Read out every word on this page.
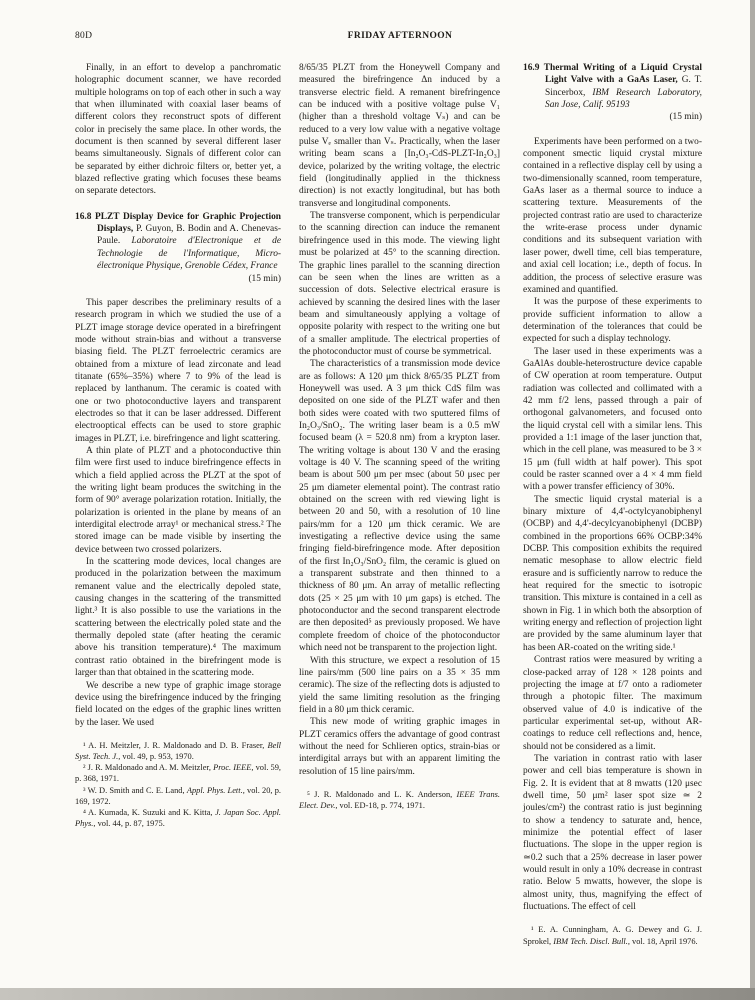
80D	FRIDAY AFTERNOON

Finally, in an effort to develop a panchromatic holographic document scanner, we have recorded multiple holograms on top of each other in such a way that when illuminated with coaxial laser beams of different colors they reconstruct spots of different color in precisely the same place. In other words, the document is then scanned by several different laser beams simultaneously. Signals of different color can be separated by either dichroic filters or, better yet, a blazed reflective grating which focuses these beams on separate detectors.

16.8 PLZT Display Device for Graphic Projection Displays, P. Guyon, B. Bodin and A. Chenevas-Paule. Laboratoire d'Electronique et de Technologie de l'Informatique, Micro-électronique Physique, Grenoble Cédex, France

(15 min)

This paper describes the preliminary results of a research program in which we studied the use of a PLZT image storage device operated in a birefringent mode without strain-bias and without a transverse biasing field. The PLZT ferroelectric ceramics are obtained from a mixture of lead zirconate and lead titanate (65%–35%) where 7 to 9% of the lead is replaced by lanthanum. The ceramic is coated with one or two photoconductive layers and transparent electrodes so that it can be laser addressed. Different electrooptical effects can be used to store graphic images in PLZT, i.e. birefringence and light scattering.

A thin plate of PLZT and a photoconductive thin film were first used to induce birefringence effects in which a field applied across the PLZT at the spot of the writing light beam produces the switching in the form of 90° average polarization rotation. Initially, the polarization is oriented in the plane by means of an interdigital electrode array¹ or mechanical stress.² The stored image can be made visible by inserting the device between two crossed polarizers.

In the scattering mode devices, local changes are produced in the polarization between the maximum remanent value and the electrically depoled state, causing changes in the scattering of the transmitted light.³ It is also possible to use the variations in the scattering between the electrically poled state and the thermally depoled state (after heating the ceramic above his transition temperature).⁴ The maximum contrast ratio obtained in the birefringent mode is larger than that obtained in the scattering mode.

We describe a new type of graphic image storage device using the birefringence induced by the fringing field located on the edges of the graphic lines written by the laser. We used

¹ A. H. Meitzler, J. R. Maldonado and D. B. Fraser, Bell Syst. Tech. J., vol. 49, p. 953, 1970.

² J. R. Maldonado and A. M. Meitzler, Proc. IEEE, vol. 59, p. 368, 1971.

³ W. D. Smith and C. E. Land, Appl. Phys. Lett., vol. 20, p. 169, 1972.

⁴ A. Kumada, K. Suzuki and K. Kitta, J. Japan Soc. Appl. Phys., vol. 44, p. 87, 1975.

8/65/35 PLZT from the Honeywell Company and measured the birefringence Δn induced by a transverse electric field. A remanent birefringence can be induced with a positive voltage pulse V₁ (higher than a threshold voltage Vₛ) and can be reduced to a very low value with a negative voltage pulse Vₑ smaller than Vₛ. Practically, when the laser writing beam scans a [In₂O₃-CdS-PLZT-In₂O₃] device, polarized by the writing voltage, the electric field (longitudinally applied in the thickness direction) is not exactly longitudinal, but has both transverse and longitudinal components.

The transverse component, which is perpendicular to the scanning direction can induce the remanent birefringence used in this mode. The viewing light must be polarized at 45° to the scanning direction. The graphic lines parallel to the scanning direction can be seen when the lines are written as a succession of dots. Selective electrical erasure is achieved by scanning the desired lines with the laser beam and simultaneously applying a voltage of opposite polarity with respect to the writing one but of a smaller amplitude. The electrical properties of the photoconductor must of course be symmetrical.

The characteristics of a transmission mode device are as follows: A 120 μm thick 8/65/35 PLZT from Honeywell was used. A 3 μm thick CdS film was deposited on one side of the PLZT wafer and then both sides were coated with two sputtered films of In₂O₃/SnO₂. The writing laser beam is a 0.5 mW focused beam (λ = 520.8 nm) from a krypton laser. The writing voltage is about 130 V and the erasing voltage is 40 V. The scanning speed of the writing beam is about 500 μm per msec (about 50 μsec per 25 μm diameter elemental point). The contrast ratio obtained on the screen with red viewing light is between 20 and 50, with a resolution of 10 line pairs/mm for a 120 μm thick ceramic. We are investigating a reflective device using the same fringing field-birefringence mode. After deposition of the first In₂O₃/SnO₂ film, the ceramic is glued on a transparent substrate and then thinned to a thickness of 80 μm. An array of metallic reflecting dots (25 × 25 μm with 10 μm gaps) is etched. The photoconductor and the second transparent electrode are then deposited⁵ as previously proposed. We have complete freedom of choice of the photoconductor which need not be transparent to the projection light.

With this structure, we expect a resolution of 15 line pairs/mm (500 line pairs on a 35 × 35 mm ceramic). The size of the reflecting dots is adjusted to yield the same limiting resolution as the fringing field in a 80 μm thick ceramic.

This new mode of writing graphic images in PLZT ceramics offers the advantage of good contrast without the need for Schlieren optics, strain-bias or interdigital arrays but with an apparent limiting the resolution of 15 line pairs/mm.

⁵ J. R. Maldonado and L. K. Anderson, IEEE Trans. Elect. Dev., vol. ED-18, p. 774, 1971.

16.9 Thermal Writing of a Liquid Crystal Light Valve with a GaAs Laser, G. T. Sincerbox, IBM Research Laboratory, San Jose, Calif. 95193

(15 min)

Experiments have been performed on a two-component smectic liquid crystal mixture contained in a reflective display cell by using a two-dimensionally scanned, room temperature, GaAs laser as a thermal source to induce a scattering texture. Measurements of the projected contrast ratio are used to characterize the write-erase process under dynamic conditions and its subsequent variation with laser power, dwell time, cell bias temperature, and axial cell location; i.e., depth of focus. In addition, the process of selective erasure was examined and quantified.

It was the purpose of these experiments to provide sufficient information to allow a determination of the tolerances that could be expected for such a display technology.

The laser used in these experiments was a GaAlAs double-heterostructure device capable of CW operation at room temperature. Output radiation was collected and collimated with a 42 mm f/2 lens, passed through a pair of orthogonal galvanometers, and focused onto the liquid crystal cell with a similar lens. This provided a 1:1 image of the laser junction that, which in the cell plane, was measured to be 3 × 15 μm (full width at half power). This spot could be raster scanned over a 4 × 4 mm field with a power transfer efficiency of 30%.

The smectic liquid crystal material is a binary mixture of 4,4'-octylcyanobiphenyl (OCBP) and 4,4'-decylcyanobiphenyl (DCBP) combined in the proportions 66% OCBP:34% DCBP. This composition exhibits the required nematic mesophase to allow electric field erasure and is sufficiently narrow to reduce the heat required for the smectic to isotropic transition. This mixture is contained in a cell as shown in Fig. 1 in which both the absorption of writing energy and reflection of projection light are provided by the same aluminum layer that has been AR-coated on the writing side.¹

Contrast ratios were measured by writing a close-packed array of 128 × 128 points and projecting the image at f/7 onto a radiometer through a photopic filter. The maximum observed value of 4.0 is indicative of the particular experimental set-up, without AR-coatings to reduce cell reflections and, hence, should not be considered as a limit.

The variation in contrast ratio with laser power and cell bias temperature is shown in Fig. 2. It is evident that at 8 mwatts (120 μsec dwell time, 50 μm² laser spot size ≃ 2 joules/cm²) the contrast ratio is just beginning to show a tendency to saturate and, hence, minimize the potential effect of laser fluctuations. The slope in the upper region is ≃0.2 such that a 25% decrease in laser power would result in only a 10% decrease in contrast ratio. Below 5 mwatts, however, the slope is almost unity, thus, magnifying the effect of fluctuations. The effect of cell

¹ E. A. Cunningham, A. G. Dewey and G. J. Sprokel, IBM Tech. Discl. Bull., vol. 18, April 1976.
